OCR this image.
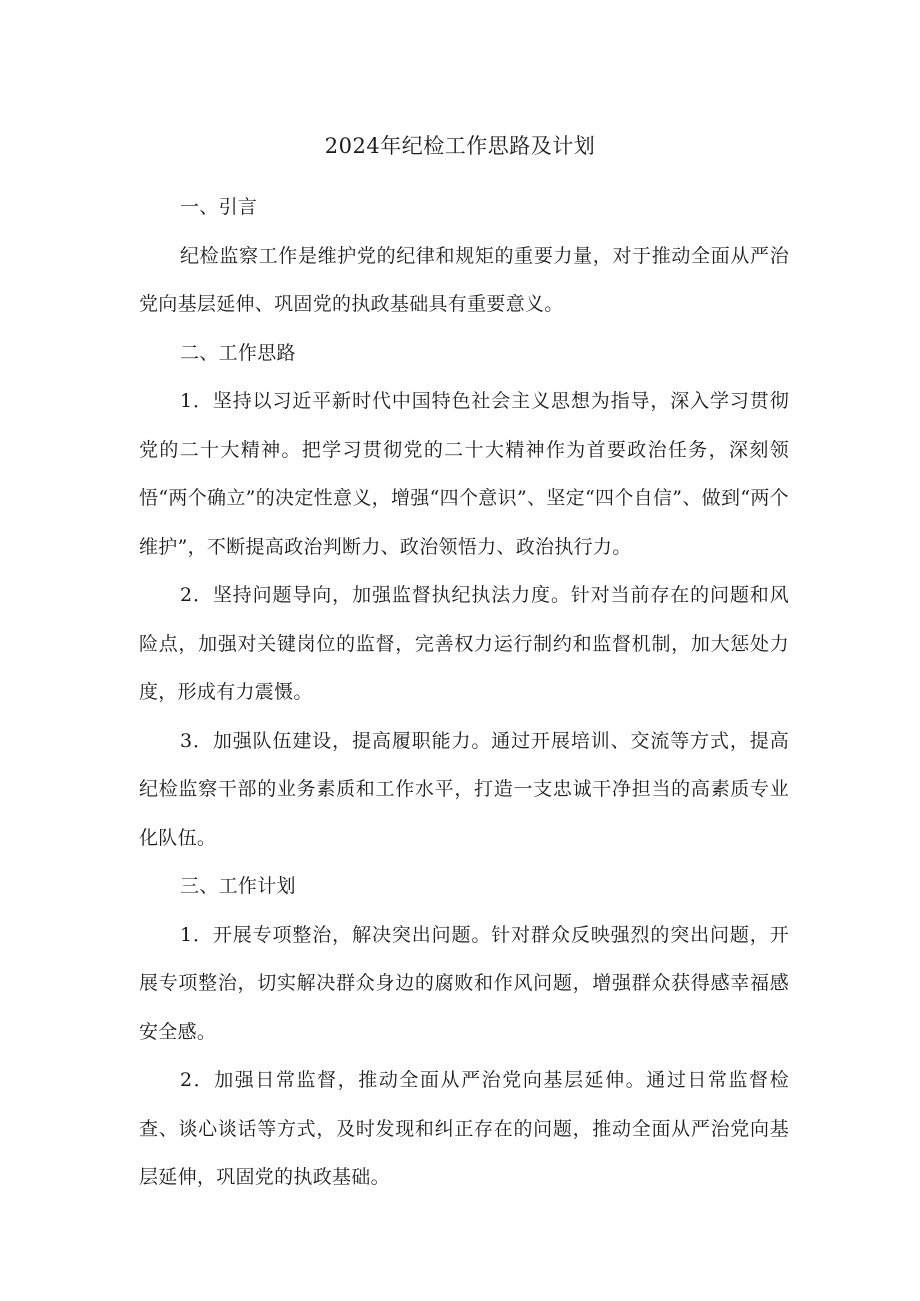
2024年纪检工作思路及计划

一、引言

纪检监察工作是维护党的纪律和规矩的重要力量，对于推动全面从严治党向基层延伸、巩固党的执政基础具有重要意义。

二、工作思路

1．坚持以习近平新时代中国特色社会主义思想为指导，深入学习贯彻党的二十大精神。把学习贯彻党的二十大精神作为首要政治任务，深刻领悟“两个确立”的决定性意义，增强“四个意识”、坚定“四个自信”、做到“两个维护”，不断提高政治判断力、政治领悟力、政治执行力。

2．坚持问题导向，加强监督执纪执法力度。针对当前存在的问题和风险点，加强对关键岗位的监督，完善权力运行制约和监督机制，加大惩处力度，形成有力震慑。

3．加强队伍建设，提高履职能力。通过开展培训、交流等方式，提高纪检监察干部的业务素质和工作水平，打造一支忠诚干净担当的高素质专业化队伍。

三、工作计划

1．开展专项整治，解决突出问题。针对群众反映强烈的突出问题，开展专项整治，切实解决群众身边的腐败和作风问题，增强群众获得感幸福感安全感。

2．加强日常监督，推动全面从严治党向基层延伸。通过日常监督检查、谈心谈话等方式，及时发现和纠正存在的问题，推动全面从严治党向基层延伸，巩固党的执政基础。
